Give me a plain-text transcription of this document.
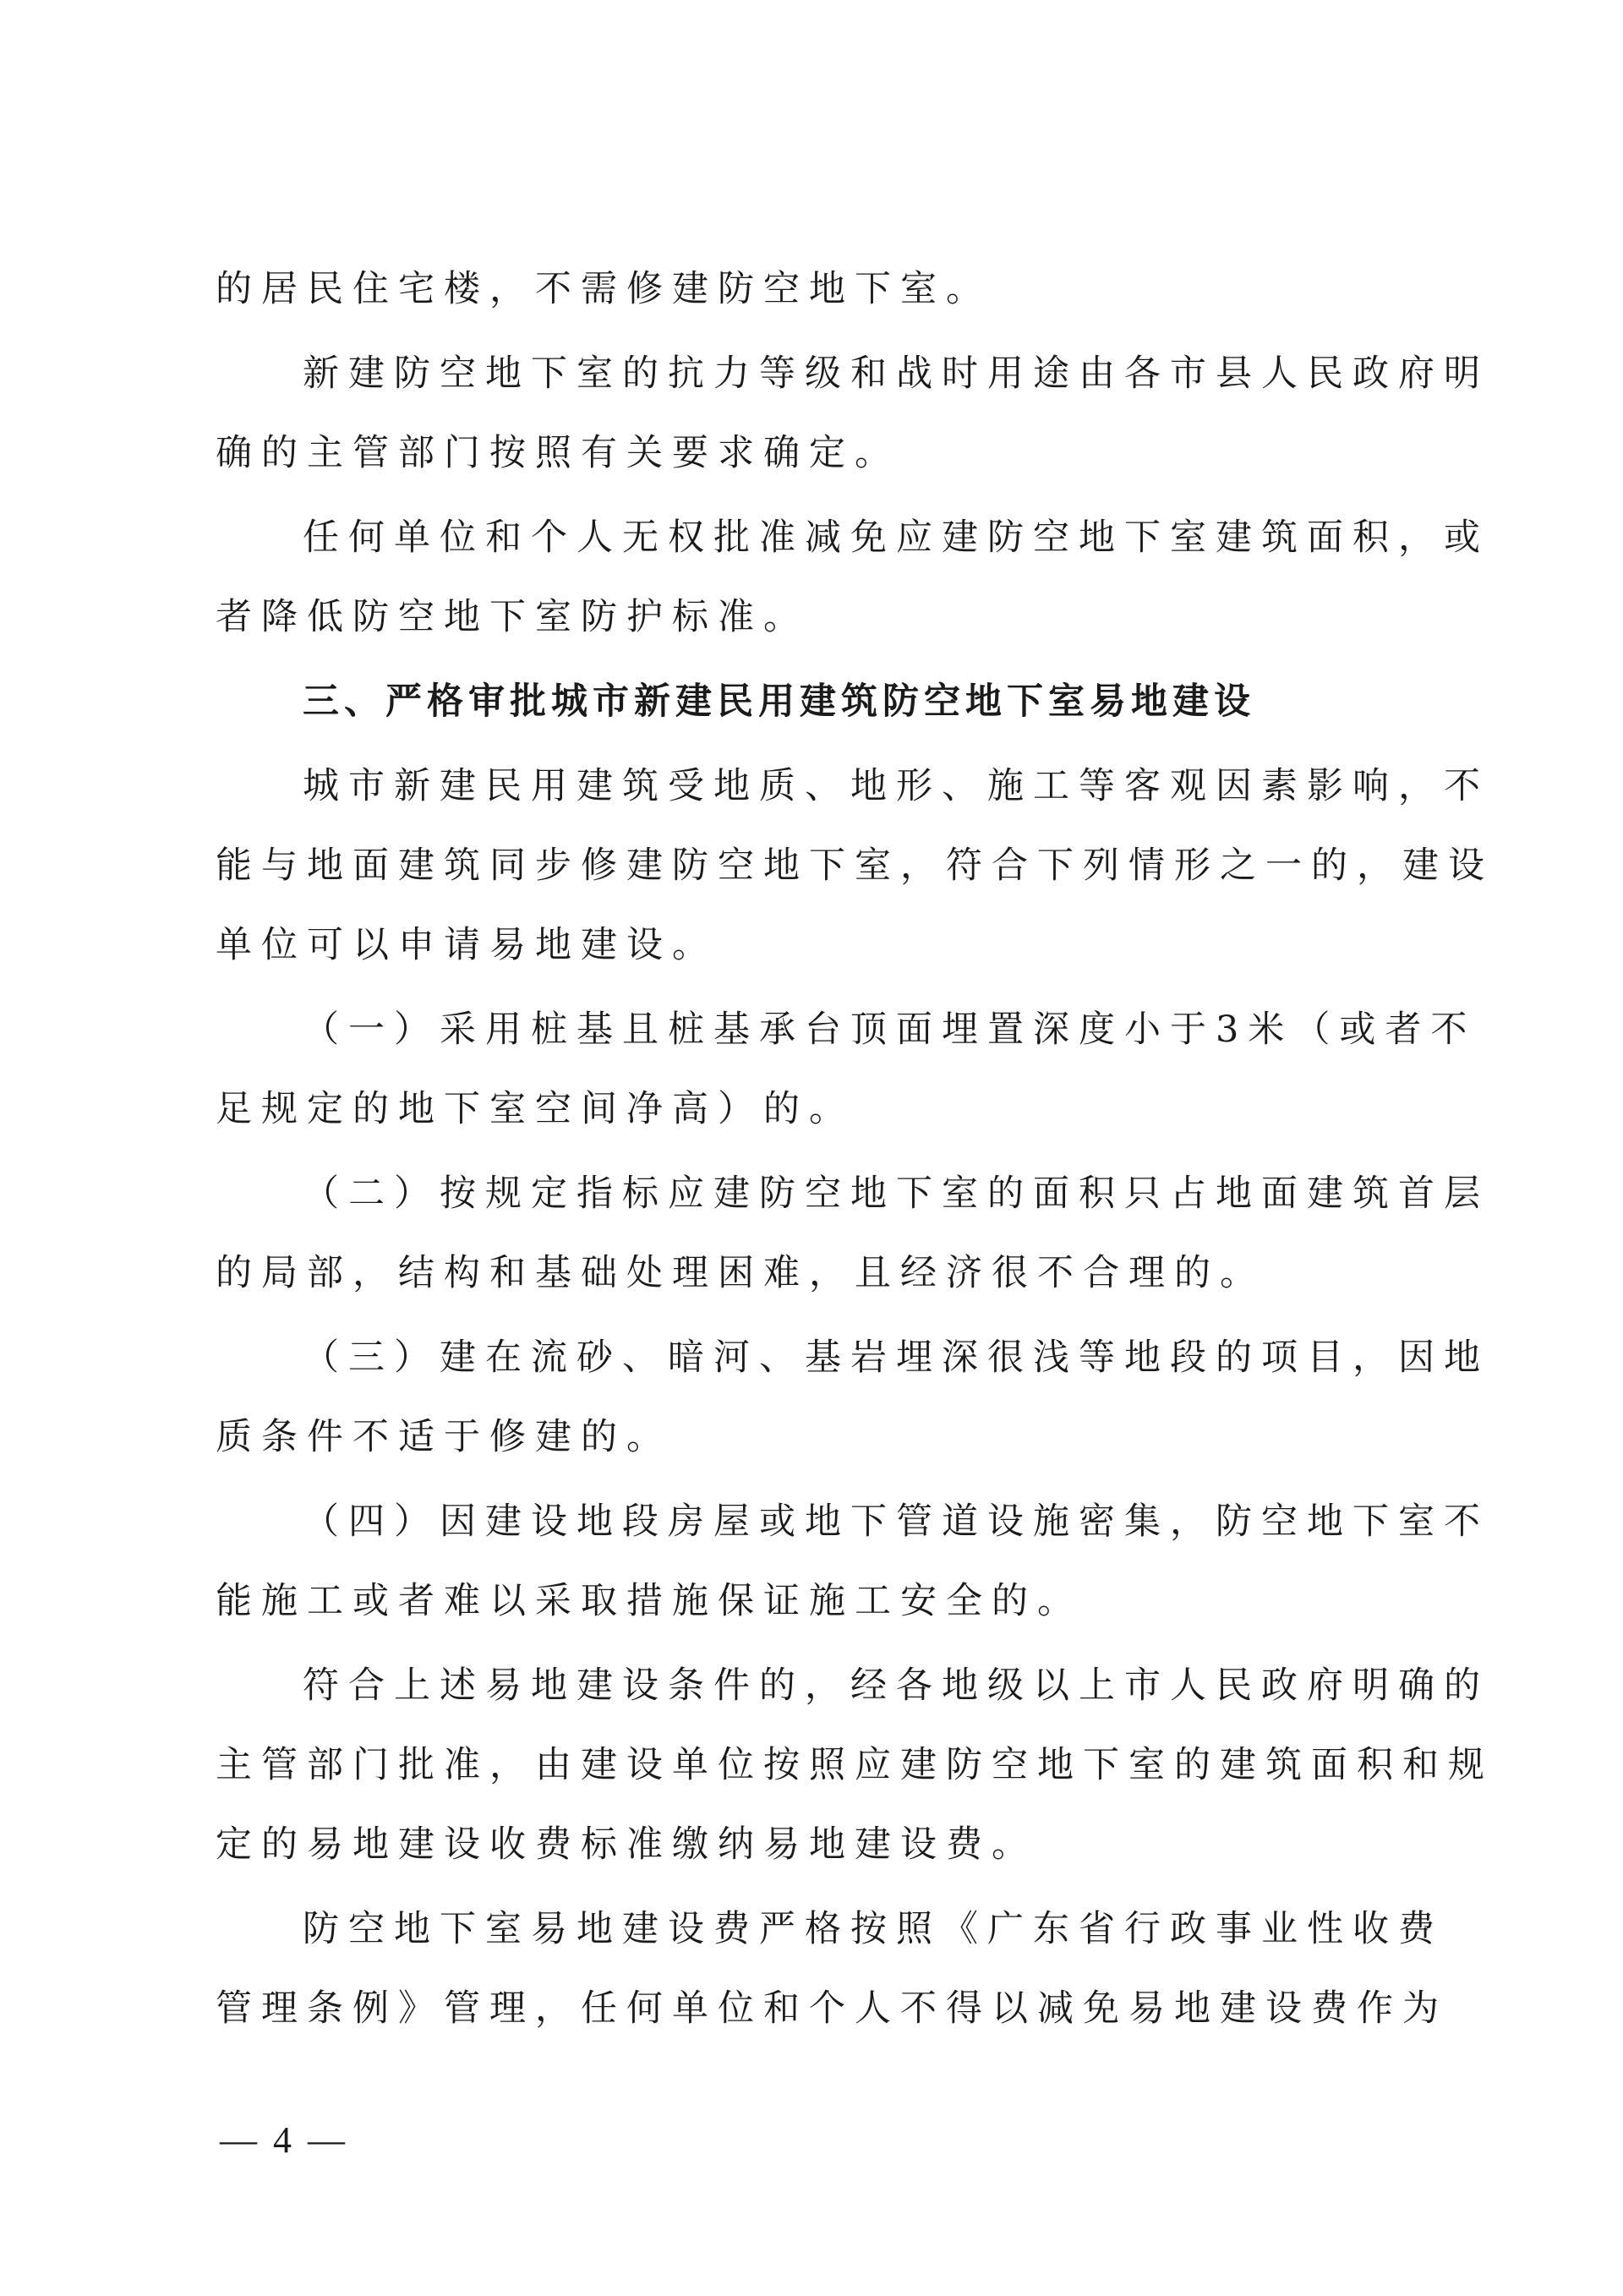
的居民住宅楼，不需修建防空地下室。
新建防空地下室的抗力等级和战时用途由各市县人民政府明
确的主管部门按照有关要求确定。
任何单位和个人无权批准减免应建防空地下室建筑面积，或
者降低防空地下室防护标准。
三、严格审批城市新建民用建筑防空地下室易地建设
城市新建民用建筑受地质、地形、施工等客观因素影响，不
能与地面建筑同步修建防空地下室，符合下列情形之一的，建设
单位可以申请易地建设。
（一）采用桩基且桩基承台顶面埋置深度小于3米（或者不
足规定的地下室空间净高）的。
（二）按规定指标应建防空地下室的面积只占地面建筑首层
的局部，结构和基础处理困难，且经济很不合理的。
（三）建在流砂、暗河、基岩埋深很浅等地段的项目，因地
质条件不适于修建的。
（四）因建设地段房屋或地下管道设施密集，防空地下室不
能施工或者难以采取措施保证施工安全的。
符合上述易地建设条件的，经各地级以上市人民政府明确的
主管部门批准，由建设单位按照应建防空地下室的建筑面积和规
定的易地建设收费标准缴纳易地建设费。
防空地下室易地建设费严格按照《广东省行政事业性收费
管理条例》管理，任何单位和个人不得以减免易地建设费作为
— 4 —
